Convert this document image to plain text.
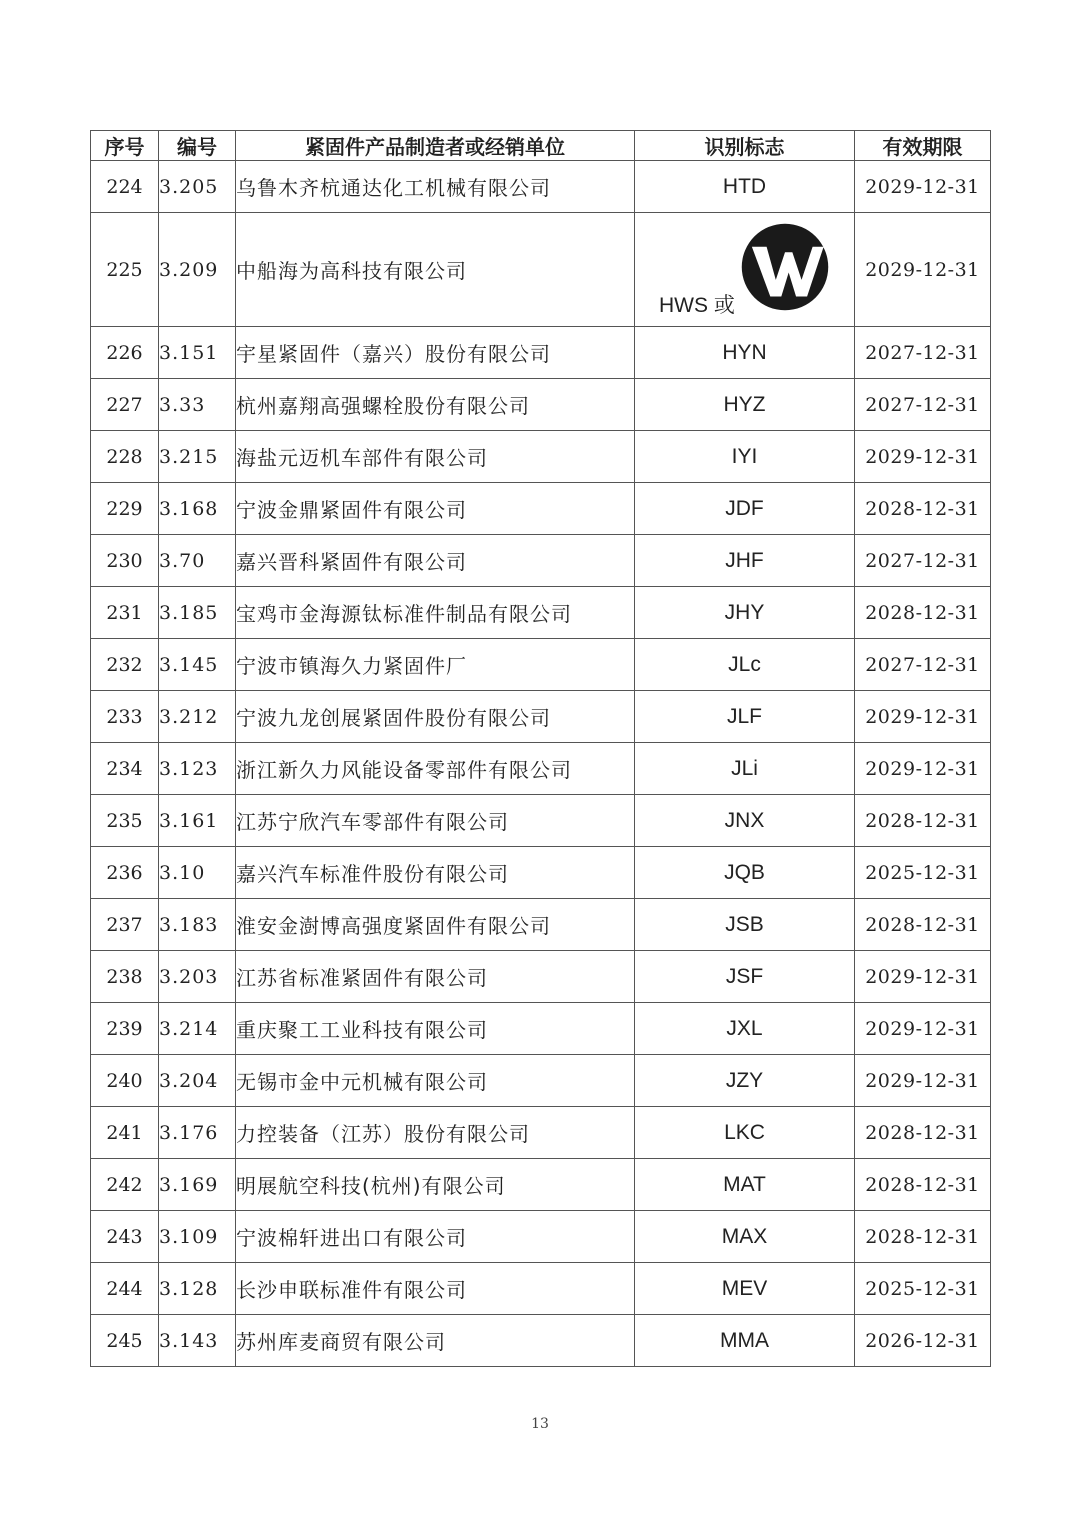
序号	编号	紧固件产品制造者或经销单位	识别标志	有效期限
224	3.205	乌鲁木齐杭通达化工机械有限公司	HTD	2029-12-31
225	3.209	中船海为高科技有限公司	HWS 或	2029-12-31
226	3.151	宇星紧固件（嘉兴）股份有限公司	HYN	2027-12-31
227	3.33	杭州嘉翔高强螺栓股份有限公司	HYZ	2027-12-31
228	3.215	海盐元迈机车部件有限公司	IYI	2029-12-31
229	3.168	宁波金鼎紧固件有限公司	JDF	2028-12-31
230	3.70	嘉兴晋科紧固件有限公司	JHF	2027-12-31
231	3.185	宝鸡市金海源钛标准件制品有限公司	JHY	2028-12-31
232	3.145	宁波市镇海久力紧固件厂	JLc	2027-12-31
233	3.212	宁波九龙创展紧固件股份有限公司	JLF	2029-12-31
234	3.123	浙江新久力风能设备零部件有限公司	JLi	2029-12-31
235	3.161	江苏宁欣汽车零部件有限公司	JNX	2028-12-31
236	3.10	嘉兴汽车标准件股份有限公司	JQB	2025-12-31
237	3.183	淮安金澍博高强度紧固件有限公司	JSB	2028-12-31
238	3.203	江苏省标准紧固件有限公司	JSF	2029-12-31
239	3.214	重庆聚工工业科技有限公司	JXL	2029-12-31
240	3.204	无锡市金中元机械有限公司	JZY	2029-12-31
241	3.176	力控装备（江苏）股份有限公司	LKC	2028-12-31
242	3.169	明展航空科技(杭州)有限公司	MAT	2028-12-31
243	3.109	宁波棉轩进出口有限公司	MAX	2028-12-31
244	3.128	长沙申联标准件有限公司	MEV	2025-12-31
245	3.143	苏州库麦商贸有限公司	MMA	2026-12-31
13
